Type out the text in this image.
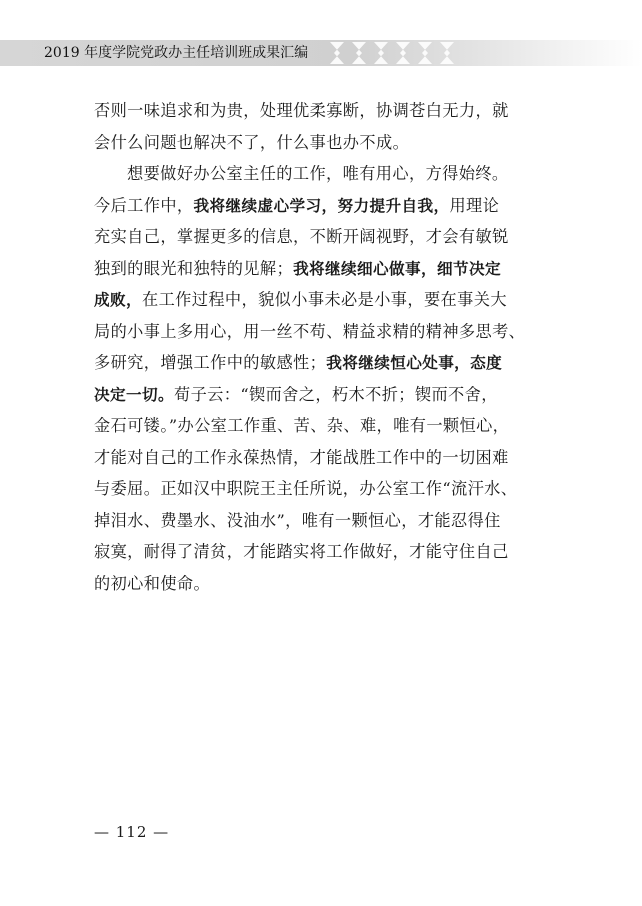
2019 年度学院党政办主任培训班成果汇编
否则一味追求和为贵，处理优柔寡断，协调苍白无力，就
会什么问题也解决不了，什么事也办不成。
想要做好办公室主任的工作，唯有用心，方得始终。
今后工作中，我将继续虚心学习，努力提升自我，用理论
充实自己，掌握更多的信息，不断开阔视野，才会有敏锐
独到的眼光和独特的见解；我将继续细心做事，细节决定
成败，在工作过程中，貌似小事未必是小事，要在事关大
局的小事上多用心，用一丝不苟、精益求精的精神多思考、
多研究，增强工作中的敏感性；我将继续恒心处事，态度
决定一切。荀子云：“锲而舍之，朽木不折；锲而不舍，
金石可镂。”办公室工作重、苦、杂、难，唯有一颗恒心，
才能对自己的工作永葆热情，才能战胜工作中的一切困难
与委屈。正如汉中职院王主任所说，办公室工作“流汗水、
掉泪水、费墨水、没油水”，唯有一颗恒心，才能忍得住
寂寞，耐得了清贫，才能踏实将工作做好，才能守住自己
的初心和使命。
— 112 —
